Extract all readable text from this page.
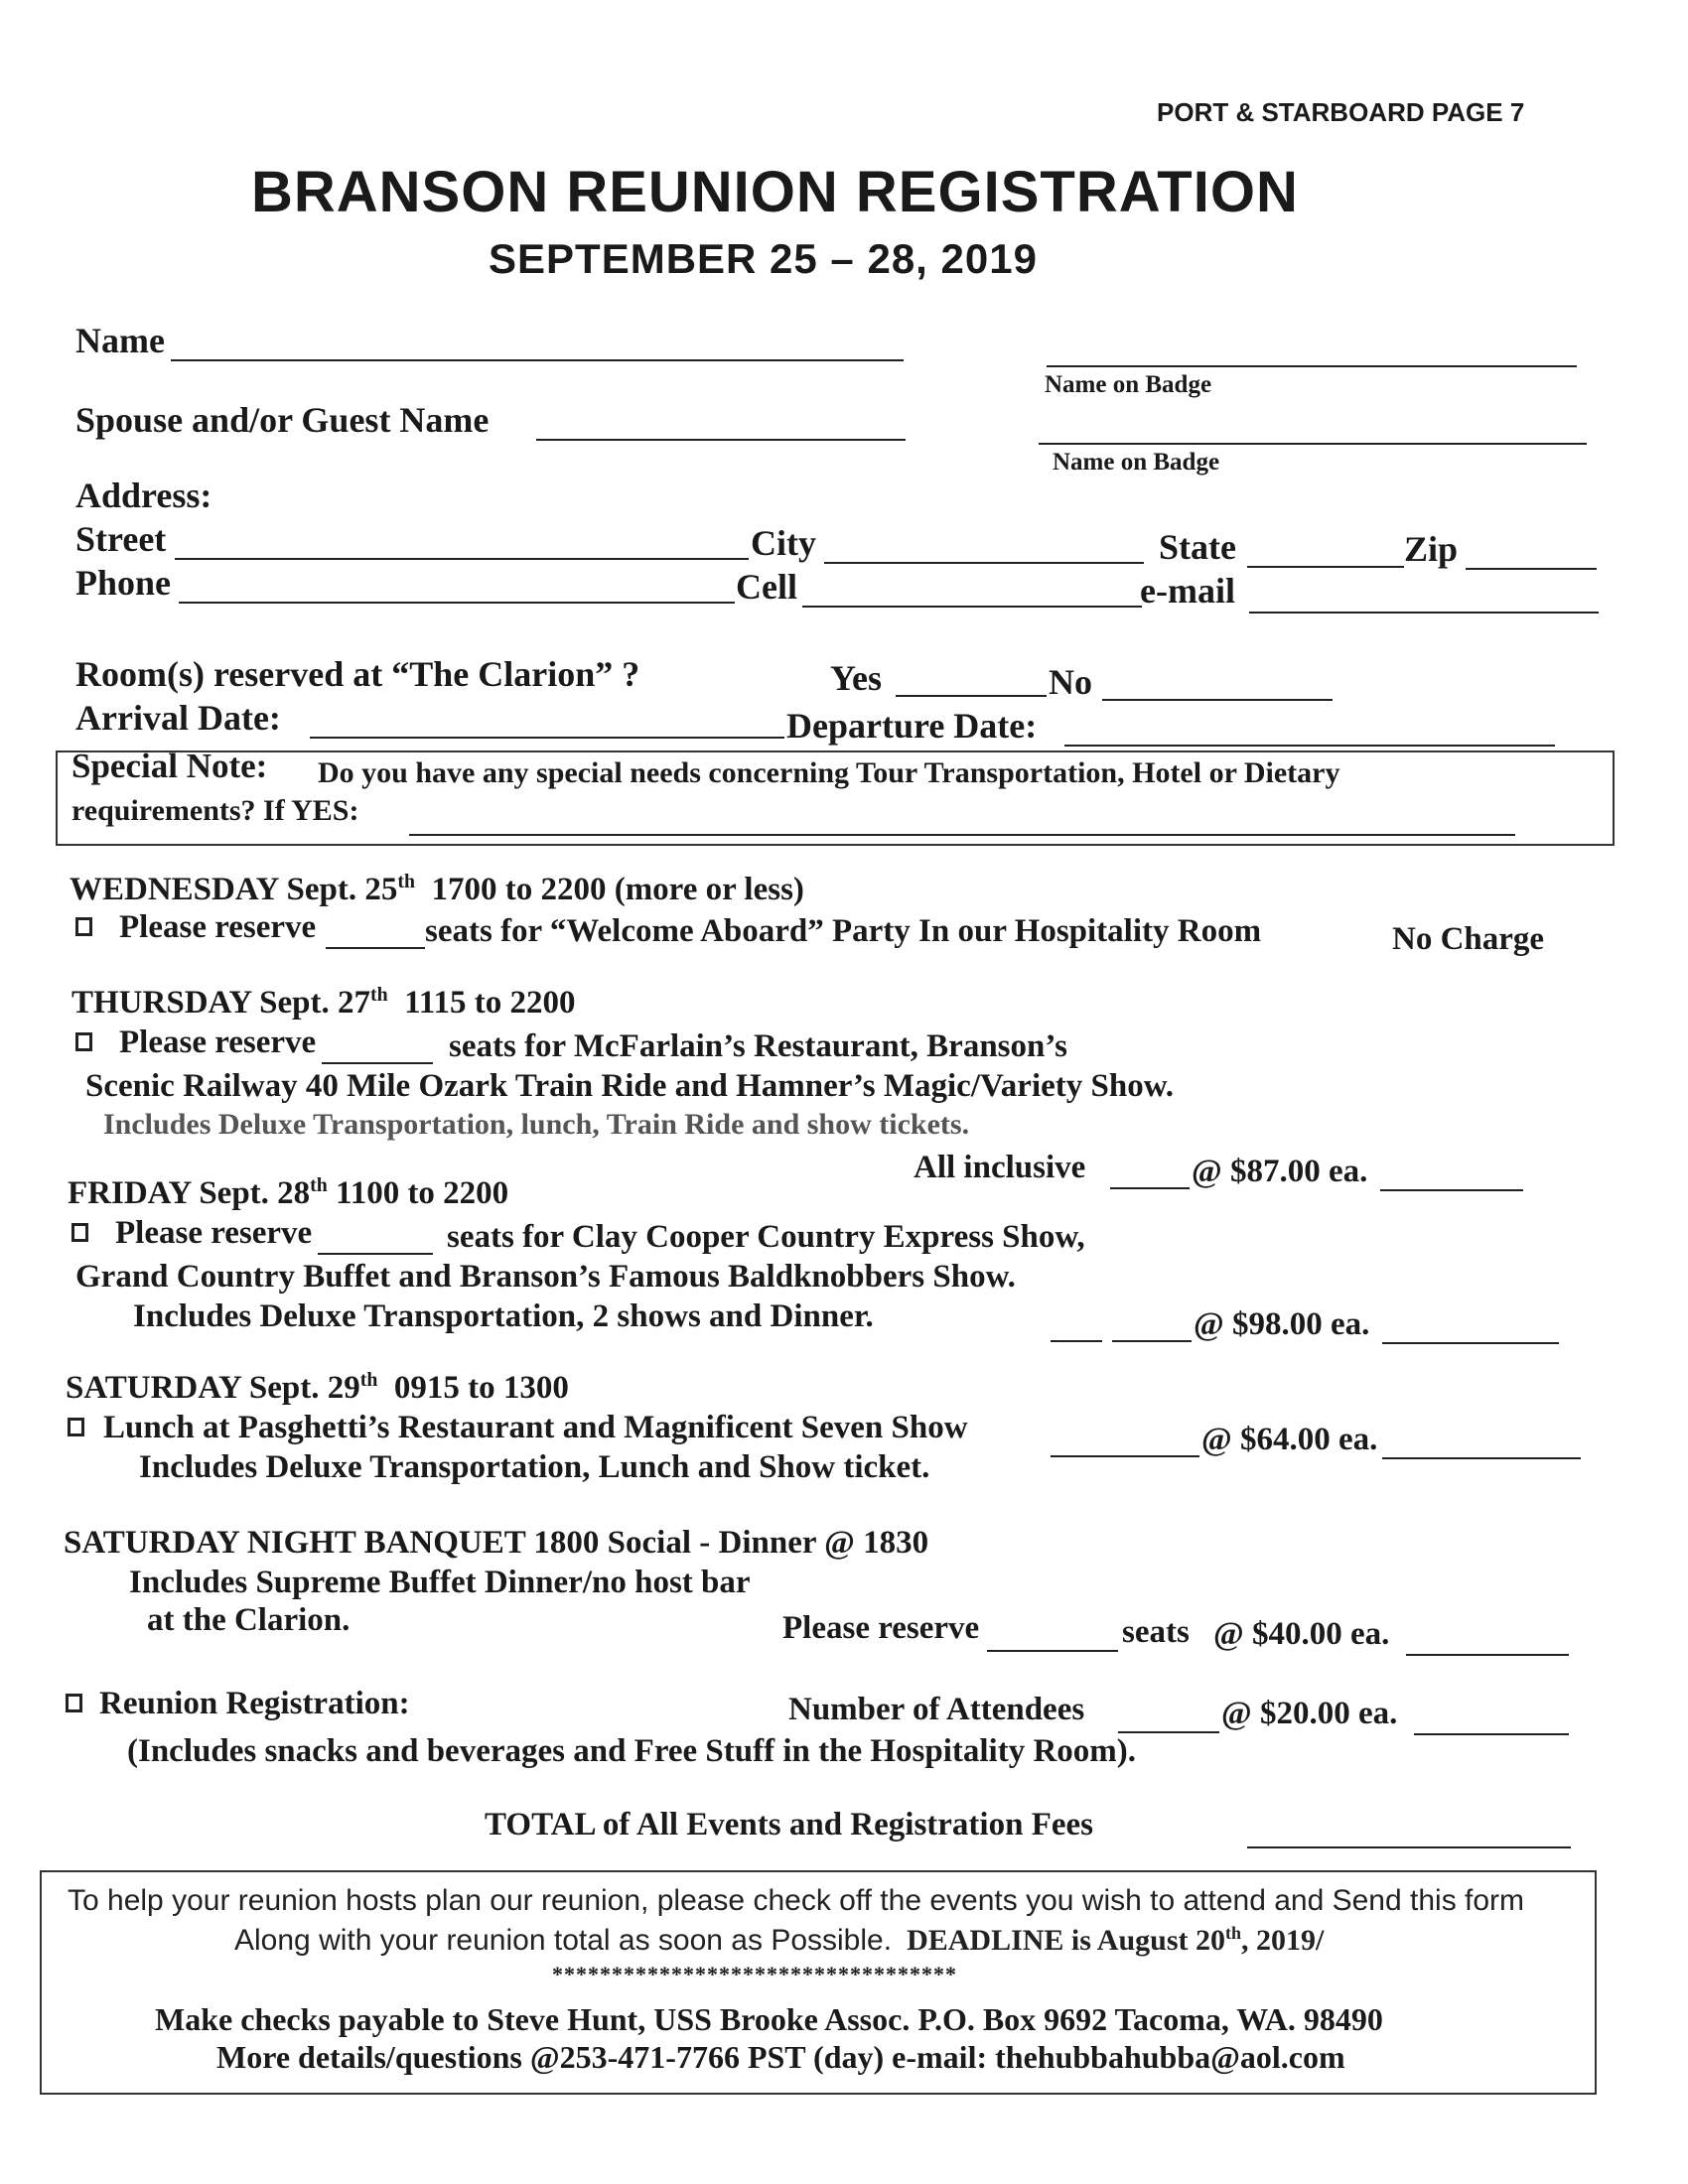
PORT & STARBOARD PAGE 7
BRANSON REUNION REGISTRATION
SEPTEMBER 25 – 28, 2019
Name
Name on Badge
Spouse and/or Guest Name
Name on Badge
Address:
Street	City	State	Zip
Phone	Cell	e-mail
Room(s) reserved at “The Clarion” ?	Yes	No
Arrival Date:	Departure Date:
Special Note: Do you have any special needs concerning Tour Transportation, Hotel or Dietary
requirements? If YES:
WEDNESDAY Sept. 25th 1700 to 2200 (more or less)
Please reserve	seats for “Welcome Aboard” Party In our Hospitality Room	No Charge
THURSDAY Sept. 27th 1115 to 2200
Please reserve	seats for McFarlain’s Restaurant, Branson’s
Scenic Railway 40 Mile Ozark Train Ride and Hamner’s Magic/Variety Show.
Includes Deluxe Transportation, lunch, Train Ride and show tickets.
All inclusive	@ $87.00 ea.
FRIDAY Sept. 28th 1100 to 2200
Please reserve	seats for Clay Cooper Country Express Show,
Grand Country Buffet and Branson’s Famous Baldknobbers Show.
Includes Deluxe Transportation, 2 shows and Dinner.	@ $98.00 ea.
SATURDAY Sept. 29th 0915 to 1300
Lunch at Pasghetti’s Restaurant and Magnificent Seven Show
Includes Deluxe Transportation, Lunch and Show ticket.
@ $64.00 ea.
SATURDAY NIGHT BANQUET 1800 Social - Dinner @ 1830
Includes Supreme Buffet Dinner/no host bar
at the Clarion.	Please reserve	seats @ $40.00 ea.
Reunion Registration:	Number of Attendees	@ $20.00 ea.
(Includes snacks and beverages and Free Stuff in the Hospitality Room).
TOTAL of All Events and Registration Fees
To help your reunion hosts plan our reunion, please check off the events you wish to attend and Send this form
Along with your reunion total as soon as Possible. DEADLINE is August 20th, 2019/
**********************************
Make checks payable to Steve Hunt, USS Brooke Assoc. P.O. Box 9692 Tacoma, WA. 98490
More details/questions @253-471-7766 PST (day) e-mail: thehubbahubba@aol.com
